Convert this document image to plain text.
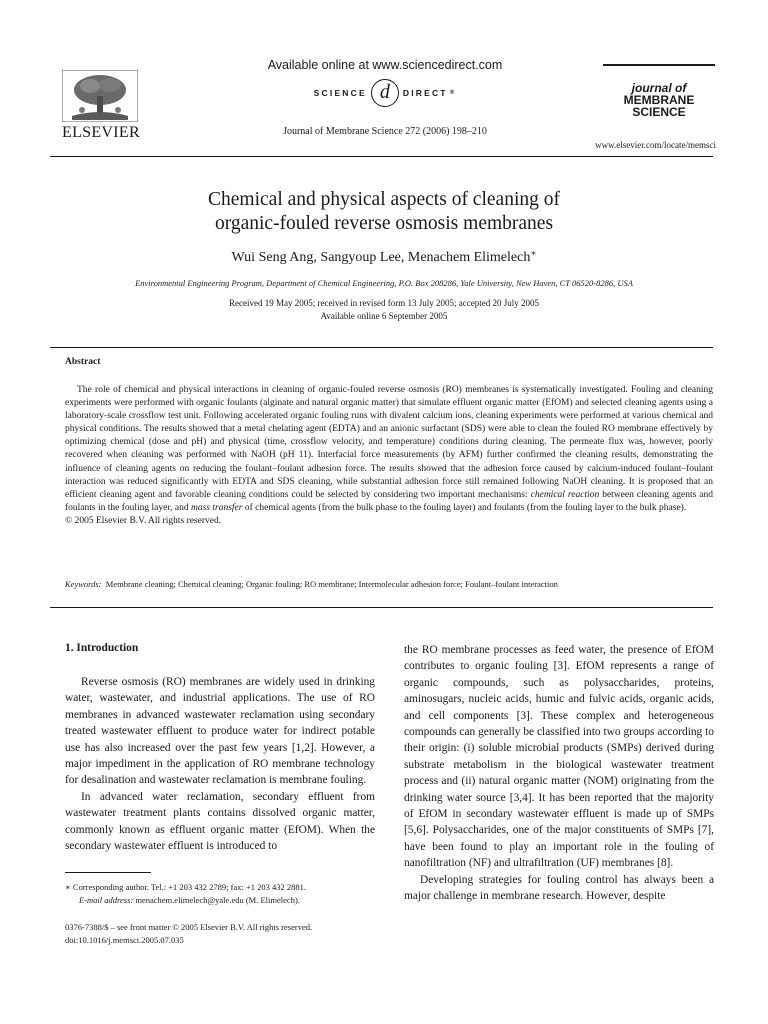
ELSEVIER
Available online at www.sciencedirect.com
SCIENCE d	DIRECT ®
Journal of Membrane Science 272 (2006) 198–210
journal of
MEMBRANE
SCIENCE
www.elsevier.com/locate/memsci
Chemical and physical aspects of cleaning of
organic-fouled reverse osmosis membranes
Wui Seng Ang, Sangyoup Lee, Menachem Elimelech∗
Environmental Engineering Program, Department of Chemical Engineering, P.O. Box 208286, Yale University, New Haven, CT 06520-8286, USA
Received 19 May 2005; received in revised form 13 July 2005; accepted 20 July 2005
Available online 6 September 2005
Abstract

The role of chemical and physical interactions in cleaning of organic-fouled reverse osmosis (RO) membranes is systematically investigated. Fouling and cleaning experiments were performed with organic foulants (alginate and natural organic matter) that simulate effluent organic matter (EfOM) and selected cleaning agents using a laboratory-scale crossflow test unit. Following accelerated organic fouling runs with divalent calcium ions, cleaning experiments were performed at various chemical and physical conditions. The results showed that a metal chelating agent (EDTA) and an anionic surfactant (SDS) were able to clean the fouled RO membrane effectively by optimizing chemical (dose and pH) and physical (time, crossflow velocity, and temperature) conditions during cleaning. The permeate flux was, however, poorly recovered when cleaning was performed with NaOH (pH 11). Interfacial force measurements (by AFM) further confirmed the cleaning results, demonstrating the influence of cleaning agents on reducing the foulant–foulant adhesion force. The results showed that the adhesion force caused by calcium-induced foulant–foulant interaction was reduced significantly with EDTA and SDS cleaning, while substantial adhesion force still remained following NaOH cleaning. It is proposed that an efficient cleaning agent and favorable cleaning conditions could be selected by considering two important mechanisms: chemical reaction between cleaning agents and foulants in the fouling layer, and mass transfer of chemical agents (from the bulk phase to the fouling layer) and foulants (from the fouling layer to the bulk phase).

© 2005 Elsevier B.V. All rights reserved.

Keywords: Membrane cleaning; Chemical cleaning; Organic fouling; RO membrane; Intermolecular adhesion force; Foulant–foulant interaction
1. Introduction

Reverse osmosis (RO) membranes are widely used in drinking water, wastewater, and industrial applications. The use of RO membranes in advanced wastewater reclamation using secondary treated wastewater effluent to produce water for indirect potable use has also increased over the past few years [1,2]. However, a major impediment in the application of RO membrane technology for desalination and wastewater reclamation is membrane fouling.

In advanced water reclamation, secondary effluent from wastewater treatment plants contains dissolved organic matter, commonly known as effluent organic matter (EfOM). When the secondary wastewater effluent is introduced to

the RO membrane processes as feed water, the presence of EfOM contributes to organic fouling [3]. EfOM represents a range of organic compounds, such as polysaccharides, proteins, aminosugars, nucleic acids, humic and fulvic acids, organic acids, and cell components [3]. These complex and heterogeneous compounds can generally be classified into two groups according to their origin: (i) soluble microbial products (SMPs) derived during substrate metabolism in the biological wastewater treatment process and (ii) natural organic matter (NOM) originating from the drinking water source [3,4]. It has been reported that the majority of EfOM in secondary wastewater effluent is made up of SMPs [5,6]. Polysaccharides, one of the major constituents of SMPs [7], have been found to play an important role in the fouling of nanofiltration (NF) and ultrafiltration (UF) membranes [8].

Developing strategies for fouling control has always been a major challenge in membrane research. However, despite

∗ Corresponding author. Tel.: +1 203 432 2789; fax: +1 203 432 2881.
E-mail address: menachem.elimelech@yale.edu (M. Elimelech).
0376-7388/$ – see front matter © 2005 Elsevier B.V. All rights reserved.
doi:10.1016/j.memsci.2005.07.035
